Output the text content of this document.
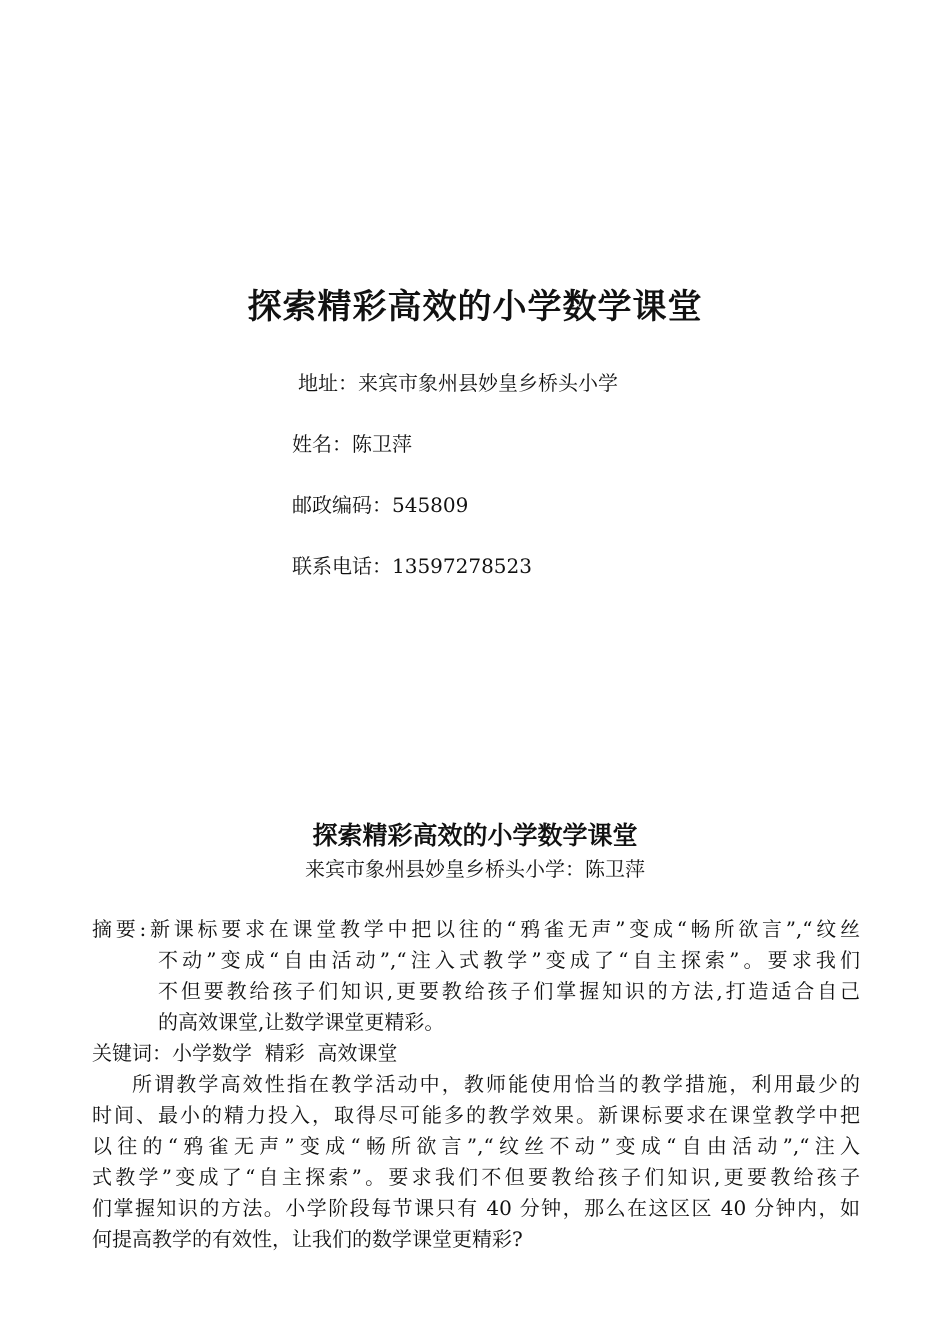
探索精彩高效的小学数学课堂
地址：来宾市象州县妙皇乡桥头小学
姓名：陈卫萍
邮政编码：545809
联系电话：13597278523
探索精彩高效的小学数学课堂
来宾市象州县妙皇乡桥头小学：陈卫萍
摘要:新课标要求在课堂教学中把以往的“鸦雀无声”变成“畅所欲言”,“纹丝
不动”变成“自由活动”,“注入式教学”变成了“自主探索”。要求我们
不但要教给孩子们知识,更要教给孩子们掌握知识的方法,打造适合自己
的高效课堂,让数学课堂更精彩。
关键词：小学数学  精彩  高效课堂
所谓教学高效性指在教学活动中，教师能使用恰当的教学措施，利用最少的
时间、最小的精力投入，取得尽可能多的教学效果。新课标要求在课堂教学中把
以往的“鸦雀无声”变成“畅所欲言”,“纹丝不动”变成“自由活动”,“注入
式教学”变成了“自主探索”。要求我们不但要教给孩子们知识,更要教给孩子
们掌握知识的方法。小学阶段每节课只有 40 分钟，那么在这区区 40 分钟内，如
何提高教学的有效性，让我们的数学课堂更精彩?
